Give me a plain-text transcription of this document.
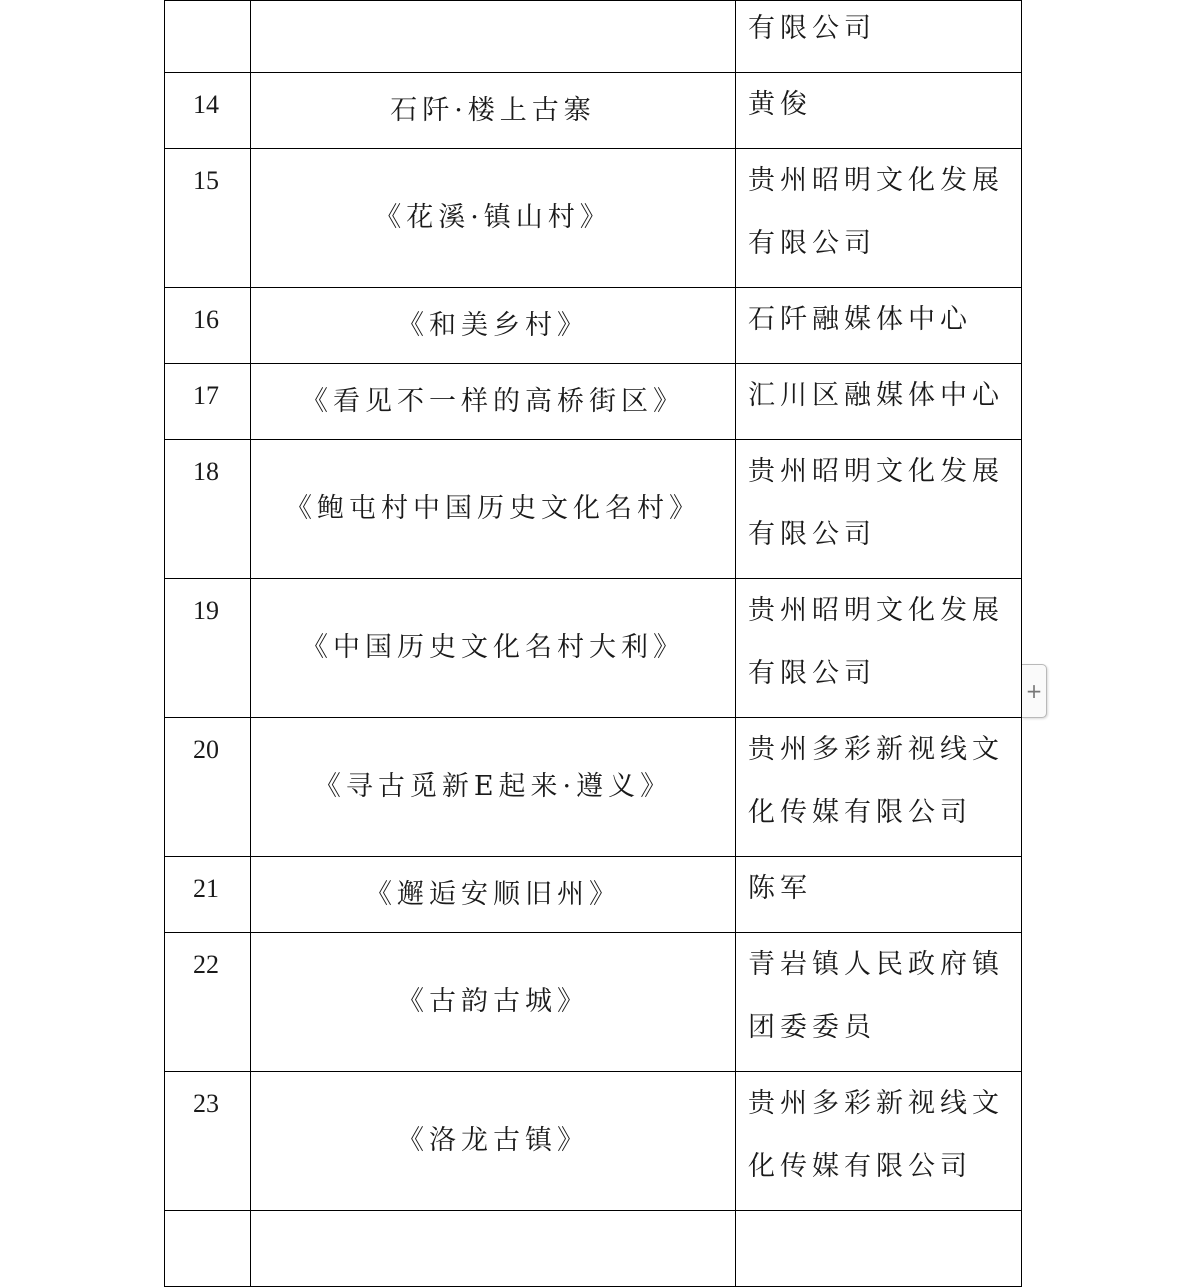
		有限公司

14	石阡·楼上古寨	黄俊

15	《花溪·镇山村》	贵州昭明文化发展
有限公司

16	《和美乡村》	石阡融媒体中心

17	《看见不一样的高桥街区》	汇川区融媒体中心

18	《鲍屯村中国历史文化名村》	贵州昭明文化发展
有限公司

19	《中国历史文化名村大利》	贵州昭明文化发展
有限公司

20	《寻古觅新E起来·遵义》	贵州多彩新视线文
化传媒有限公司

21	《邂逅安顺旧州》	陈军

22	《古韵古城》	青岩镇人民政府镇
团委委员

23	《洛龙古镇》	贵州多彩新视线文
化传媒有限公司

+
